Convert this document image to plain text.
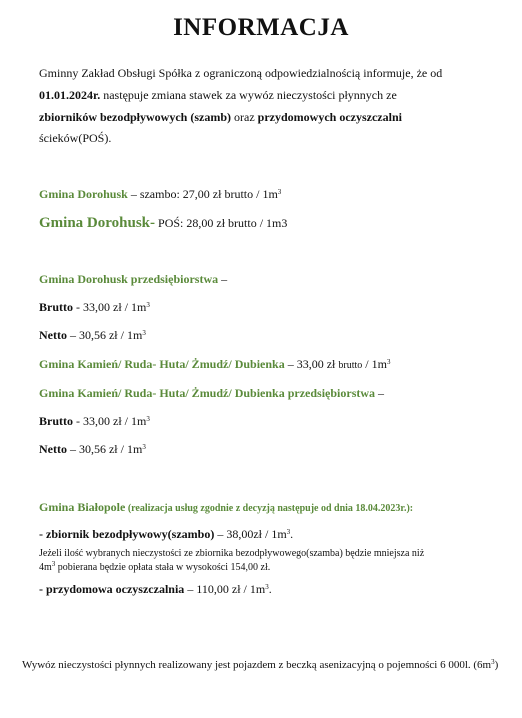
INFORMACJA
Gminny Zakład Obsługi Spółka z ograniczoną odpowiedzialnością informuje, że od
01.01.2024r. następuje zmiana stawek za wywóz nieczystości płynnych ze
zbiorników bezodpływowych (szamb) oraz przydomowych oczyszczalni
ścieków(POŚ).
Gmina Dorohusk – szambo: 27,00 zł brutto / $1m^3$
Gmina Dorohusk- POŚ: 28,00 zł brutto / 1m3
Gmina Dorohusk przedsiębiorstwa –
Brutto - 33,00 zł / $1m^3$
Netto – 30,56 zł / $1m^3$
Gmina Kamień/ Ruda- Huta/ Żmudź/ Dubienka – 33,00 zł brutto / $1m^3$
Gmina Kamień/ Ruda- Huta/ Żmudź/ Dubienka przedsiębiorstwa –
Brutto - 33,00 zł / $1m^3$
Netto – 30,56 zł / $1m^3$
Gmina Białopole (realizacja usług zgodnie z decyzją następuje od dnia 18.04.2023r.):
- zbiornik bezodpływowy(szambo) – 38,00zł / $1m^3$.
Jeżeli ilość wybranych nieczystości ze zbiornika bezodpływowego(szamba) będzie mniejsza niż
$4m^3$ pobierana będzie opłata stała w wysokości 154,00 zł.
- przydomowa oczyszczalnia – 110,00 zł / $1m^3$.
Wywóz nieczystości płynnych realizowany jest pojazdem z beczką asenizacyjną o pojemności 6 000l. $(6m^3)$
